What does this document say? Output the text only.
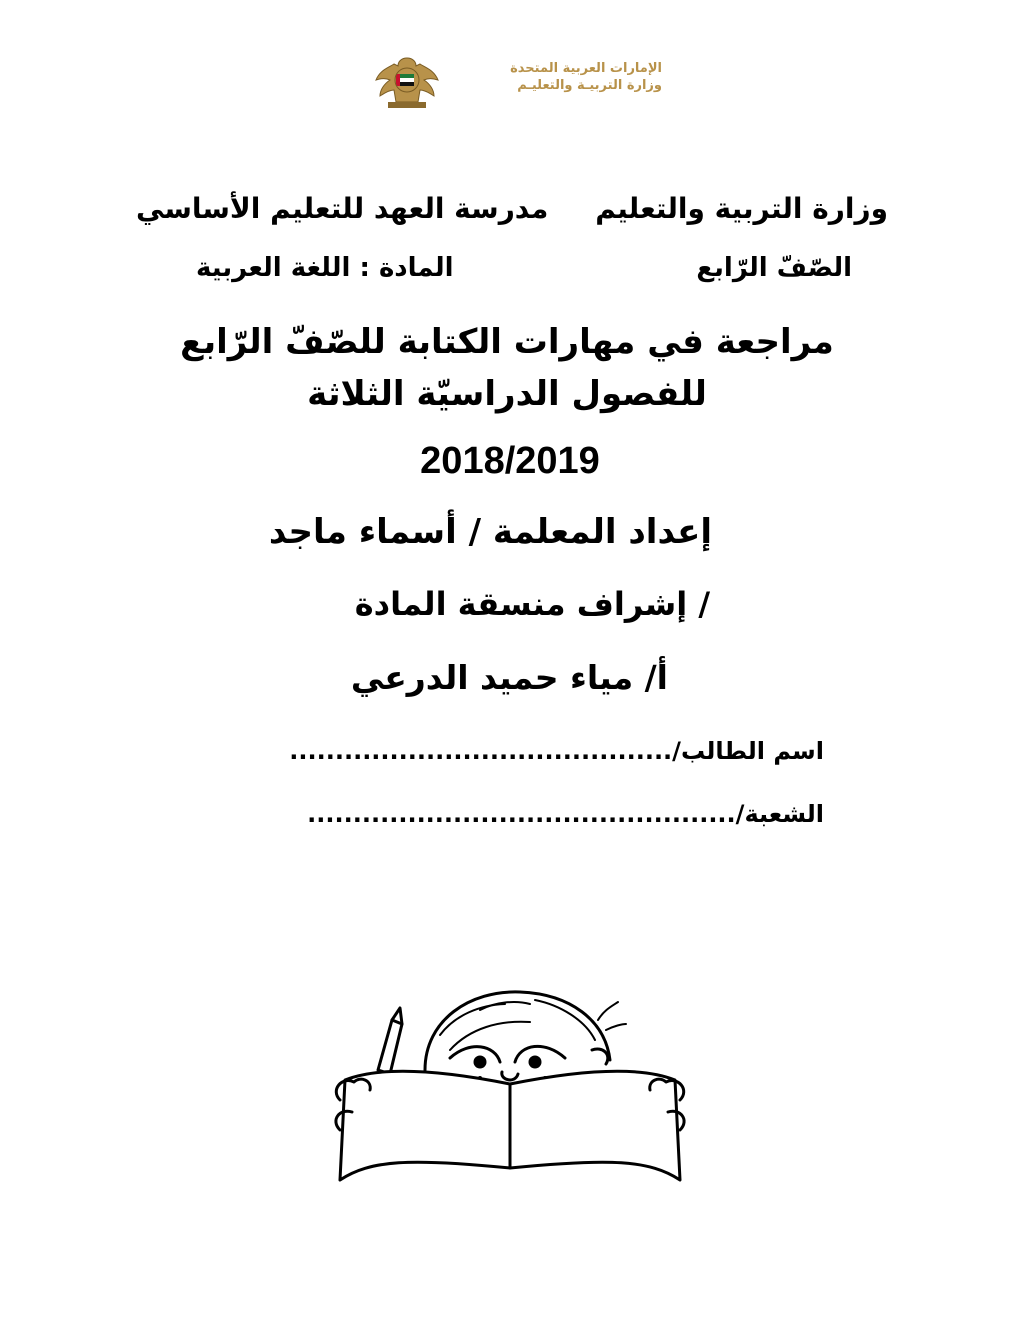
الإمارات العربية المتحدة
وزارة التربيـة والتعليـم
وزارة التربية والتعليم
مدرسة العهد للتعليم الأساسي
الصّفّ الرّابع
المادة : اللغة العربية
مراجعة في مهارات الكتابة للصّفّ الرّابع للفصول الدراسيّة الثلاثة
2018/2019
إعداد المعلمة / أسماء ماجد
/ إشراف منسقة المادة
أ/ مياء حميد الدرعي
اسم الطالب/..........................................
الشعبة/...............................................
